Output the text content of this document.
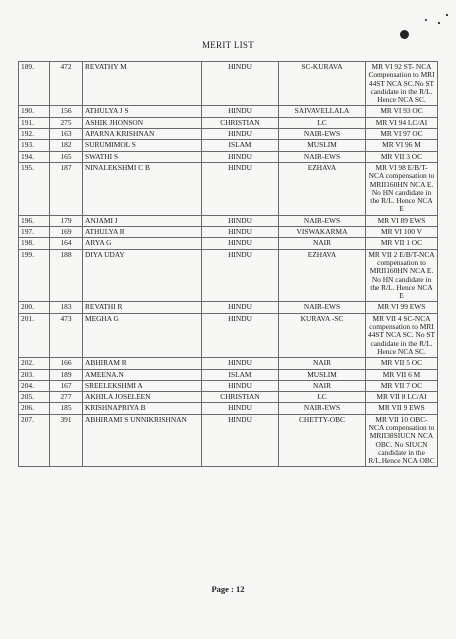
MERIT LIST
189.	472	REVATHY M	HINDU	SC-KURAVA	MR VI 92 ST- NCA Compensation to MRI 44ST NCA SC.No ST candidate in the R/L. Hence NCA SC.
190.	156	ATHULYA J S	HINDU	SAIVAVELLALA	MR VI 93 OC
191.	275	ASHIK JHONSON	CHRISTIAN	LC	MR VI 94 LC/AI
192.	163	APARNA KRISHNAN	HINDU	NAIR-EWS	MR VI 97 OC
193.	182	SURUMIMOL S	ISLAM	MUSLIM	MR VI 96 M
194.	165	SWATHI S	HINDU	NAIR-EWS	MR VII 3 OC
195.	187	NINALEKSHMI C B	HINDU	EZHAVA	MR VI 98 E/B/T-NCA compensation to MRII160HN NCA E. No HN candidate in the R/L. Hence NCA E
196.	179	ANJAMI J	HINDU	NAIR-EWS	MR VI 89 EWS
197.	169	ATHULYA R	HINDU	VISWAKARMA	MR VI 100 V
198.	164	ARYA G	HINDU	NAIR	MR VII 1 OC
199.	188	DIYA UDAY	HINDU	EZHAVA	MR VII 2 E/B/T-NCA compensation to MRII160HN NCA E. No HN candidate in the R/L. Hence NCA E
200.	183	REVATHI R	HINDU	NAIR-EWS	MR VI 99 EWS
201.	473	MEGHA G	HINDU	KURAVA -SC	MR VII 4 SC-NCA compensation to MRI 44ST NCA SC. No ST candidate in the R/L. Hence NCA SC.
202.	166	ABHIRAM R	HINDU	NAIR	MR VII 5 OC
203.	189	AMEENA.N	ISLAM	MUSLIM	MR VII 6 M
204.	167	SREELEKSHMI A	HINDU	NAIR	MR VII 7 OC
205.	277	AKHILA JOSELEEN	CHRISTIAN	LC	MR VII 8 LC/AI
206.	185	KRISHNAPRIYA B	HINDU	NAIR-EWS	MR VII 9 EWS
207.	391	ABHIRAMI S UNNIKRISHNAN	HINDU	CHETTY-OBC	MR VII 10 OBC- NCA compensation to MRII38SIUCN NCA OBC. No SIUCN candidate in the R/L.Hence NCA OBC
Page : 12
